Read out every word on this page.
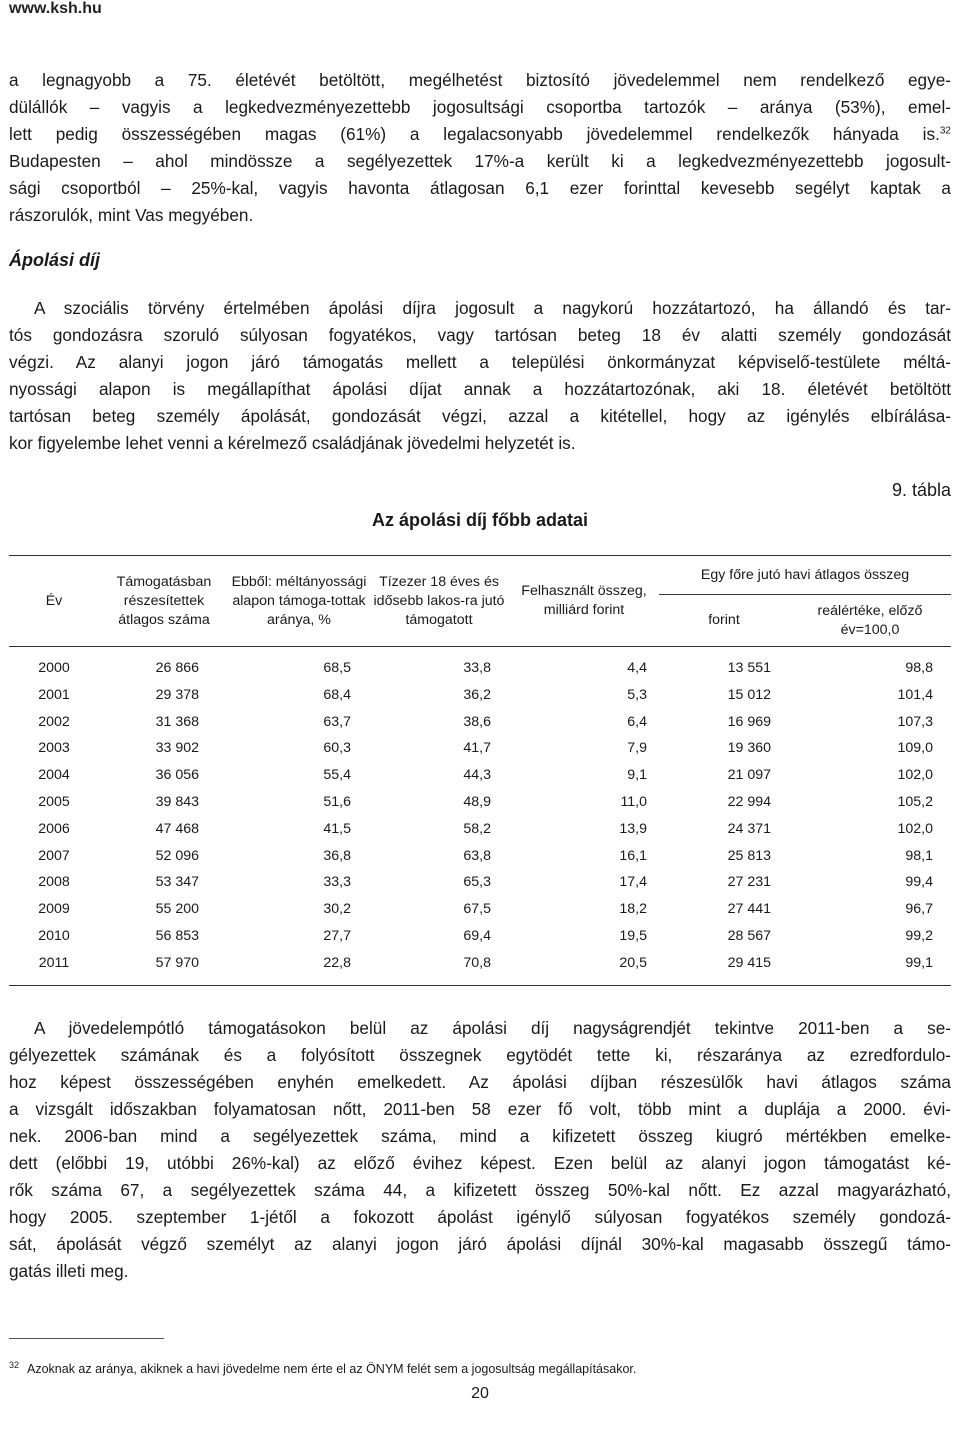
www.ksh.hu
a legnagyobb a 75. életévét betöltött, megélhetést biztosító jövedelemmel nem rendelkező egye-
dülállók – vagyis a legkedvezményezettebb jogosultsági csoportba tartozók – aránya (53%), emel-
lett pedig összességében magas (61%) a legalacsonyabb jövedelemmel rendelkezők hányada is.$^{32}$
Budapesten – ahol mindössze a segélyezettek 17%-a került ki a legkedvezményezettebb jogosult-
sági csoportból – 25%-kal, vagyis havonta átlagosan 6,1 ezer forinttal kevesebb segélyt kaptak a
rászorulók, mint Vas megyében.
Ápolási díj
A szociális törvény értelmében ápolási díjra jogosult a nagykorú hozzátartozó, ha állandó és tar-
tós gondozásra szoruló súlyosan fogyatékos, vagy tartósan beteg 18 év alatti személy gondozását
végzi. Az alanyi jogon járó támogatás mellett a települési önkormányzat képviselő-testülete méltá-
nyossági alapon is megállapíthat ápolási díjat annak a hozzátartozónak, aki 18. életévét betöltött
tartósan beteg személy ápolását, gondozását végzi, azzal a kitétellel, hogy az igénylés elbírálása-
kor figyelembe lehet venni a kérelmező családjának jövedelmi helyzetét is.
9. tábla
Az ápolási díj főbb adatai
Év	Támogatásban részesítettek átlagos száma	Ebből: méltányossági alapon támoga-tottak aránya, %	Tízezer 18 éves és idősebb lakos-ra jutó támogatott	Felhasznált összeg, milliárd forint	Egy főre jutó havi átlagos összeg	
					forint	reálértéke, előző év=100,0
2000	26 866	68,5	33,8	4,4	13 551	98,8
2001	29 378	68,4	36,2	5,3	15 012	101,4
2002	31 368	63,7	38,6	6,4	16 969	107,3
2003	33 902	60,3	41,7	7,9	19 360	109,0
2004	36 056	55,4	44,3	9,1	21 097	102,0
2005	39 843	51,6	48,9	11,0	22 994	105,2
2006	47 468	41,5	58,2	13,9	24 371	102,0
2007	52 096	36,8	63,8	16,1	25 813	98,1
2008	53 347	33,3	65,3	17,4	27 231	99,4
2009	55 200	30,2	67,5	18,2	27 441	96,7
2010	56 853	27,7	69,4	19,5	28 567	99,2
2011	57 970	22,8	70,8	20,5	29 415	99,1
A jövedelempótló támogatásokon belül az ápolási díj nagyságrendjét tekintve 2011-ben a se-
gélyezettek számának és a folyósított összegnek egytödét tette ki, részaránya az ezredfordulo-
hoz képest összességében enyhén emelkedett. Az ápolási díjban részesülők havi átlagos száma
a vizsgált időszakban folyamatosan nőtt, 2011-ben 58 ezer fő volt, több mint a duplája a 2000. évi-
nek. 2006-ban mind a segélyezettek száma, mind a kifizetett összeg kiugró mértékben emelke-
dett (előbbi 19, utóbbi 26%-kal) az előző évihez képest. Ezen belül az alanyi jogon támogatást ké-
rők száma 67, a segélyezettek száma 44, a kifizetett összeg 50%-kal nőtt. Ez azzal magyarázható,
hogy 2005. szeptember 1-jétől a fokozott ápolást igénylő súlyosan fogyatékos személy gondozá-
sát, ápolását végző személyt az alanyi jogon járó ápolási díjnál 30%-kal magasabb összegű támo-
gatás illeti meg.
$^{32}$ Azoknak az aránya, akiknek a havi jövedelme nem érte el az ÖNYM felét sem a jogosultság megállapításakor.
20
